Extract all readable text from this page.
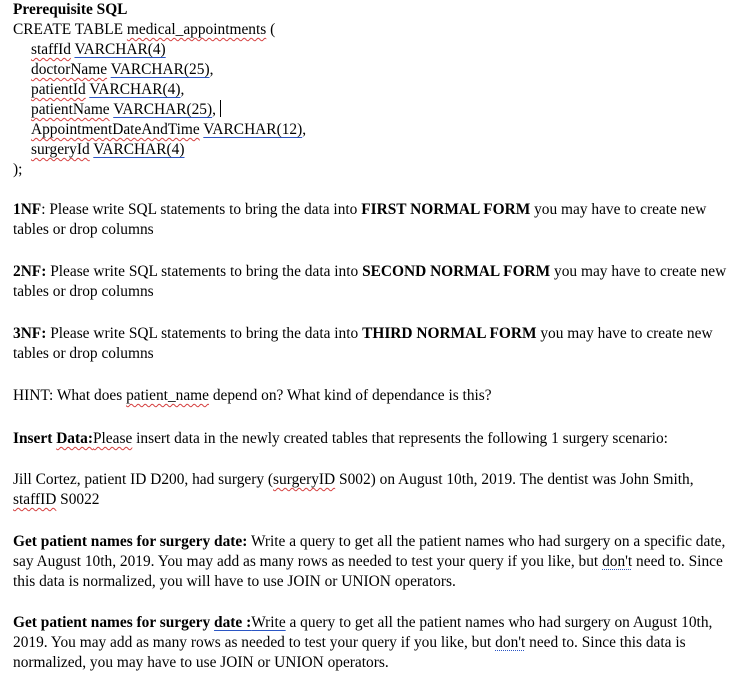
Prerequisite SQL
CREATE TABLE medical_appointments (
staffId VARCHAR(4)
doctorName VARCHAR(25),
patientId VARCHAR(4),
patientName VARCHAR(25),
AppointmentDateAndTime VARCHAR(12),
surgeryId VARCHAR(4)
);

1NF: Please write SQL statements to bring the data into FIRST NORMAL FORM you may have to create new tables or drop columns

2NF: Please write SQL statements to bring the data into SECOND NORMAL FORM you may have to create new tables or drop columns

3NF: Please write SQL statements to bring the data into THIRD NORMAL FORM you may have to create new tables or drop columns

HINT: What does patient_name depend on? What kind of dependance is this?

Insert Data:Please insert data in the newly created tables that represents the following 1 surgery scenario:

Jill Cortez, patient ID D200, had surgery (surgeryID S002) on August 10th, 2019. The dentist was John Smith, staffID S0022

Get patient names for surgery date: Write a query to get all the patient names who had surgery on a specific date, say August 10th, 2019. You may add as many rows as needed to test your query if you like, but don't need to. Since this data is normalized, you will have to use JOIN or UNION operators.

Get patient names for surgery date :Write a query to get all the patient names who had surgery on August 10th, 2019. You may add as many rows as needed to test your query if you like, but don't need to. Since this data is normalized, you may have to use JOIN or UNION operators.
